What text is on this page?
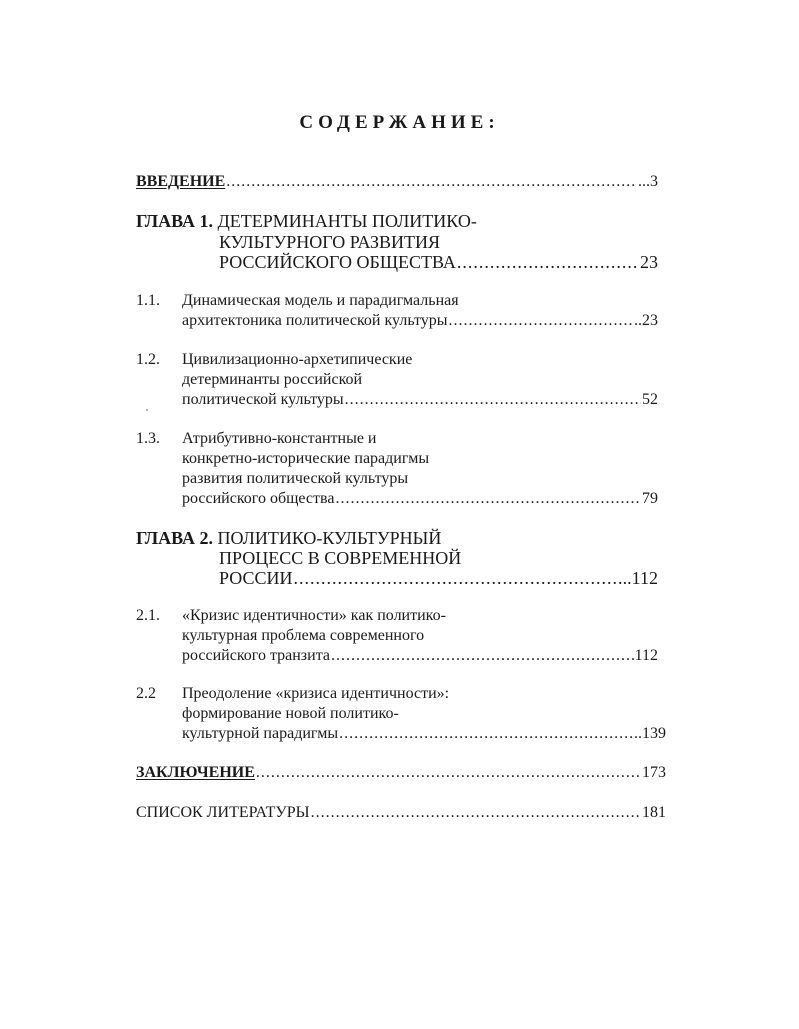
СОДЕРЖАНИЕ:
ВВЕДЕНИЕ .....	...3
ГЛАВА 1. ДЕТЕРМИНАНТЫ ПОЛИТИКО-
КУЛЬТУРНОГО РАЗВИТИЯ
РОССИЙСКОГО ОБЩЕСТВА .....	23
1.1. Динамическая модель и парадигмальная
архитектоника политической культуры .....	..23
1.2. Цивилизационно-архетипические
детерминанты российской
политической культуры .....	52
1.3. Атрибутивно-константные и
конкретно-исторические парадигмы
развития политической культуры
российского общества .....	79
ГЛАВА 2. ПОЛИТИКО-КУЛЬТУРНЫЙ
ПРОЦЕСС В СОВРЕМЕННОЙ
РОССИИ .....	..112
2.1. «Кризис идентичности» как политико-
культурная проблема современного
российского транзита .....	112
2.2 Преодоление «кризиса идентичности»:
формирование новой политико-
культурной парадигмы .....	..139
ЗАКЛЮЧЕНИЕ .....	173
СПИСОК ЛИТЕРАТУРЫ .....	181
